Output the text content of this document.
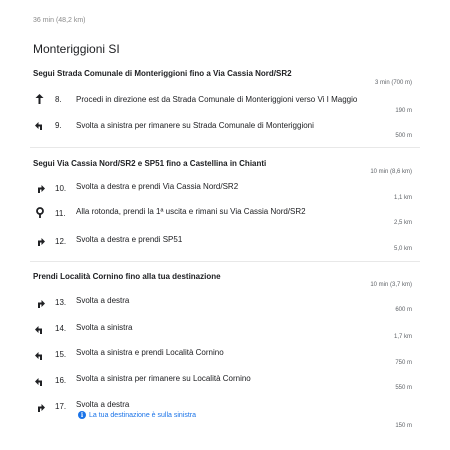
36 min (48,2 km)
Monteriggioni SI
Segui Strada Comunale di Monteriggioni fino a Via Cassia Nord/SR2
3 min (700 m)
8. Procedi in direzione est da Strada Comunale di Monteriggioni verso Vi I Maggio
190 m
9. Svolta a sinistra per rimanere su Strada Comunale di Monteriggioni
500 m
Segui Via Cassia Nord/SR2 e SP51 fino a Castellina in Chianti
10 min (8,6 km)
10. Svolta a destra e prendi Via Cassia Nord/SR2
1,1 km
11. Alla rotonda, prendi la 1ª uscita e rimani su Via Cassia Nord/SR2
2,5 km
12. Svolta a destra e prendi SP51
5,0 km
Prendi Località Cornino fino alla tua destinazione
10 min (3,7 km)
13. Svolta a destra
600 m
14. Svolta a sinistra
1,7 km
15. Svolta a sinistra e prendi Località Cornino
750 m
16. Svolta a sinistra per rimanere su Località Cornino
550 m
17. Svolta a destra
i La tua destinazione è sulla sinistra
150 m
